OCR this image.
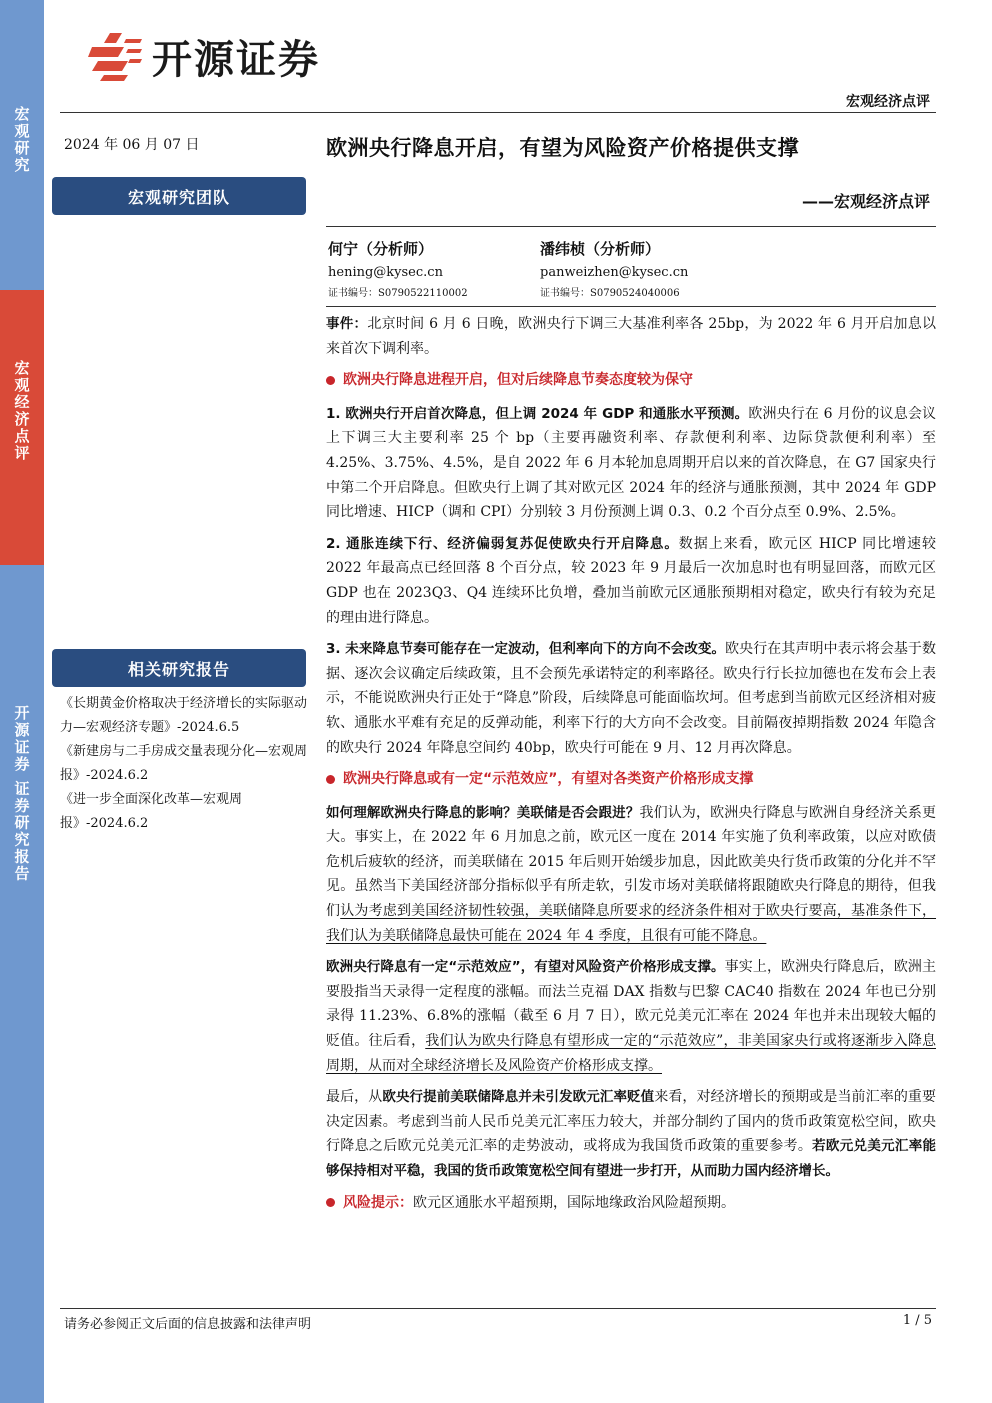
宏观研究
宏观经济点评
开源证券 证券研究报告
开源证券
宏观经济点评
2024 年 06 月 07 日
宏观研究团队
相关研究报告

《长期黄金价格取决于经济增长的实际驱动力—宏观经济专题》-2024.6.5

《新建房与二手房成交量表现分化—宏观周报》-2024.6.2

《进一步全面深化改革—宏观周报》-2024.6.2

欧洲央行降息开启，有望为风险资产价格提供支撑
——宏观经济点评
何宁（分析师）
hening@kysec.cn
证书编号：S0790522110002
潘纬桢（分析师）
panweizhen@kysec.cn
证书编号：S0790524040006

事件：北京时间 6 月 6 日晚，欧洲央行下调三大基准利率各 25bp，为 2022 年 6 月开启加息以来首次下调利率。

欧洲央行降息进程开启，但对后续降息节奏态度较为保守

1. 欧洲央行开启首次降息，但上调 2024 年 GDP 和通胀水平预测。欧洲央行在 6 月份的议息会议上下调三大主要利率 25 个 bp（主要再融资利率、存款便利利率、边际贷款便利利率）至 4.25%、3.75%、4.5%，是自 2022 年 6 月本轮加息周期开启以来的首次降息，在 G7 国家央行中第二个开启降息。但欧央行上调了其对欧元区 2024 年的经济与通胀预测，其中 2024 年 GDP 同比增速、HICP（调和 CPI）分别较 3 月份预测上调 0.3、0.2 个百分点至 0.9%、2.5%。

2. 通胀连续下行、经济偏弱复苏促使欧央行开启降息。数据上来看，欧元区 HICP 同比增速较 2022 年最高点已经回落 8 个百分点，较 2023 年 9 月最后一次加息时也有明显回落，而欧元区 GDP 也在 2023Q3、Q4 连续环比负增，叠加当前欧元区通胀预期相对稳定，欧央行有较为充足的理由进行降息。

3. 未来降息节奏可能存在一定波动，但利率向下的方向不会改变。欧央行在其声明中表示将会基于数据、逐次会议确定后续政策，且不会预先承诺特定的利率路径。欧央行行长拉加德也在发布会上表示，不能说欧洲央行正处于“降息”阶段，后续降息可能面临坎坷。但考虑到当前欧元区经济相对疲软、通胀水平难有充足的反弹动能，利率下行的大方向不会改变。目前隔夜掉期指数 2024 年隐含的欧央行 2024 年降息空间约 40bp，欧央行可能在 9 月、12 月再次降息。

欧洲央行降息或有一定“示范效应”，有望对各类资产价格形成支撑

如何理解欧洲央行降息的影响？美联储是否会跟进？我们认为，欧洲央行降息与欧洲自身经济关系更大。事实上，在 2022 年 6 月加息之前，欧元区一度在 2014 年实施了负利率政策，以应对欧债危机后疲软的经济，而美联储在 2015 年后则开始缓步加息，因此欧美央行货币政策的分化并不罕见。虽然当下美国经济部分指标似乎有所走软，引发市场对美联储将跟随欧央行降息的期待，但我们认为考虑到美国经济韧性较强，美联储降息所要求的经济条件相对于欧央行要高，基准条件下，我们认为美联储降息最快可能在 2024 年 4 季度，且很有可能不降息。

欧洲央行降息有一定“示范效应”，有望对风险资产价格形成支撑。事实上，欧洲央行降息后，欧洲主要股指当天录得一定程度的涨幅。而法兰克福 DAX 指数与巴黎 CAC40 指数在 2024 年也已分别录得 11.23%、6.8%的涨幅（截至 6 月 7 日），欧元兑美元汇率在 2024 年也并未出现较大幅的贬值。往后看，我们认为欧央行降息有望形成一定的“示范效应”，非美国家央行或将逐渐步入降息周期，从而对全球经济增长及风险资产价格形成支撑。

最后，从欧央行提前美联储降息并未引发欧元汇率贬值来看，对经济增长的预期或是当前汇率的重要决定因素。考虑到当前人民币兑美元汇率压力较大，并部分制约了国内的货币政策宽松空间，欧央行降息之后欧元兑美元汇率的走势波动，或将成为我国货币政策的重要参考。若欧元兑美元汇率能够保持相对平稳，我国的货币政策宽松空间有望进一步打开，从而助力国内经济增长。

风险提示： 欧元区通胀水平超预期，国际地缘政治风险超预期。

请务必参阅正文后面的信息披露和法律声明	1 / 5
